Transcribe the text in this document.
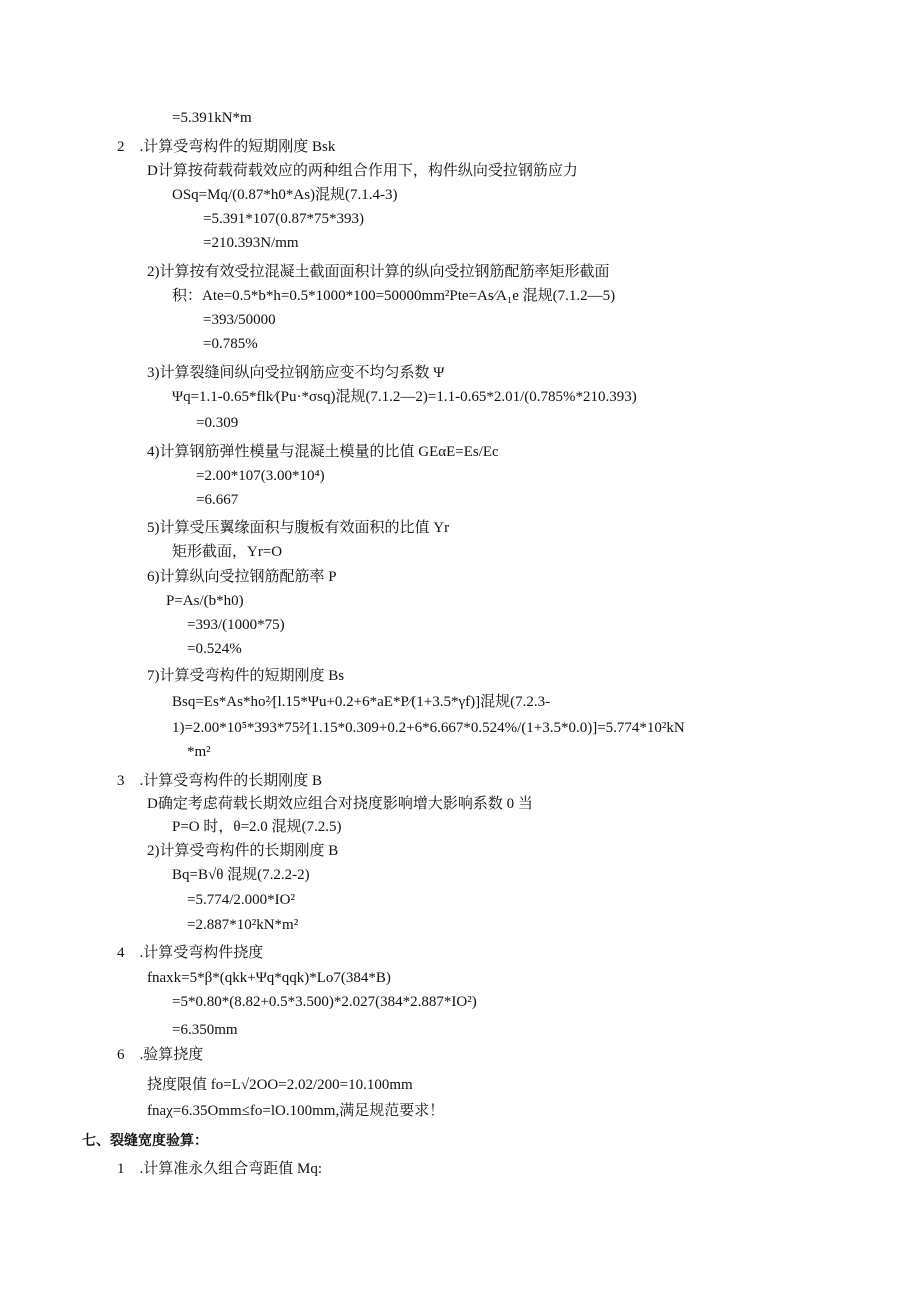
=5.391kN*m
2　.计算受弯构件的短期刚度 Bsk
D计算按荷载荷载效应的两种组合作用下，构件纵向受拉钢筋应力
OSq=Mq/(0.87*h0*As)混规(7.1.4-3)
=5.391*107(0.87*75*393)
=210.393N/mm
2)计算按有效受拉混凝土截面面积计算的纵向受拉钢筋配筋率矩形截面
积：Ate=0.5*b*h=0.5*1000*100=50000mm²Pte=As∕A₁e 混规(7.1.2—5)
=393/50000
=0.785%
3)计算裂缝间纵向受拉钢筋应变不均匀系数 Ψ
Ψq=1.1-0.65*flk∕(Pu·*σsq)混规(7.1.2—2)=1.1-0.65*2.01/(0.785%*210.393)
=0.309
4)计算钢筋弹性模量与混凝土模量的比值 GEαE=Es/Ec
=2.00*107(3.00*10⁴)
=6.667
5)计算受压翼缘面积与腹板有效面积的比值 Yr
矩形截面，Yr=O
6)计算纵向受拉钢筋配筋率 P
P=As/(b*h0)
=393/(1000*75)
=0.524%
7)计算受弯构件的短期刚度 Bs
Bsq=Es*As*ho²∕[l.15*Ψu+0.2+6*aE*P∕(1+3.5*γf)]混规(7.2.3-
1)=2.00*10⁵*393*75²∕[1.15*0.309+0.2+6*6.667*0.524%/(1+3.5*0.0)]=5.774*10²kN
*m²
3　.计算受弯构件的长期刚度 B
D确定考虑荷载长期效应组合对挠度影响增大影响系数 0 当
P=O 时，θ=2.0 混规(7.2.5)
2)计算受弯构件的长期刚度 B
Bq=B√θ 混规(7.2.2-2)
=5.774/2.000*IO²
=2.887*10²kN*m²
4　.计算受弯构件挠度
fnaxk=5*β*(qkk+Ψq*qqk)*Lo7(384*B)
=5*0.80*(8.82+0.5*3.500)*2.027(384*2.887*IO²)
=6.350mm
6　.验算挠度
挠度限值 fo=L√2OO=2.02/200=10.100mm
fnaχ=6.35Omm≤fo=lO.100mm,满足规范要求！
七、裂缝宽度验算：
1　.计算准永久组合弯距值 Mq:
